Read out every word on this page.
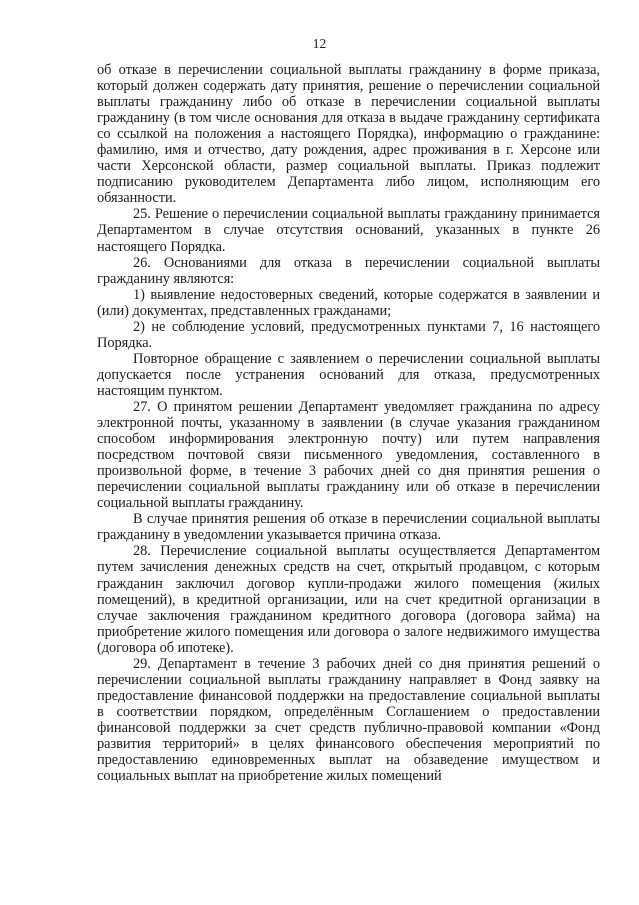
12

об отказе в перечислении социальной выплаты гражданину в форме приказа, который должен содержать дату принятия, решение о перечислении социальной выплаты гражданину либо об отказе в перечислении социальной выплаты гражданину (в том числе основания для отказа в выдаче гражданину сертификата со ссылкой на положения а настоящего Порядка), информацию о гражданине: фамилию, имя и отчество, дату рождения, адрес проживания в г. Херсоне или части Херсонской области, размер социальной выплаты. Приказ подлежит подписанию руководителем Департамента либо лицом, исполняющим его обязанности.

25. Решение о перечислении социальной выплаты гражданину принимается Департаментом в случае отсутствия оснований, указанных в пункте 26 настоящего Порядка.

26. Основаниями для отказа в перечислении социальной выплаты гражданину являются:

1) выявление недостоверных сведений, которые содержатся в заявлении и (или) документах, представленных гражданами;

2) не соблюдение условий, предусмотренных пунктами 7, 16 настоящего Порядка.

Повторное обращение с заявлением о перечислении социальной выплаты допускается после устранения оснований для отказа, предусмотренных настоящим пунктом.

27. О принятом решении Департамент уведомляет гражданина по адресу электронной почты, указанному в заявлении (в случае указания гражданином способом информирования электронную почту) или путем направления посредством почтовой связи письменного уведомления, составленного в произвольной форме, в течение 3 рабочих дней со дня принятия решения о перечислении социальной выплаты гражданину или об отказе в перечислении социальной выплаты гражданину.

В случае принятия решения об отказе в перечислении социальной выплаты гражданину в уведомлении указывается причина отказа.

28. Перечисление социальной выплаты осуществляется Департаментом путем зачисления денежных средств на счет, открытый продавцом, с которым гражданин заключил договор купли-продажи жилого помещения (жилых помещений), в кредитной организации, или на счет кредитной организации в случае заключения гражданином кредитного договора (договора займа) на приобретение жилого помещения или договора о залоге недвижимого имущества (договора об ипотеке).

29. Департамент в течение 3 рабочих дней со дня принятия решений о перечислении социальной выплаты гражданину направляет в Фонд заявку на предоставление финансовой поддержки на предоставление социальной выплаты в соответствии порядком, определённым Соглашением о предоставлении финансовой поддержки за счет средств публично-правовой компании «Фонд развития территорий» в целях финансового обеспечения мероприятий по предоставлению единовременных выплат на обзаведение имуществом и социальных выплат на приобретение жилых помещений
